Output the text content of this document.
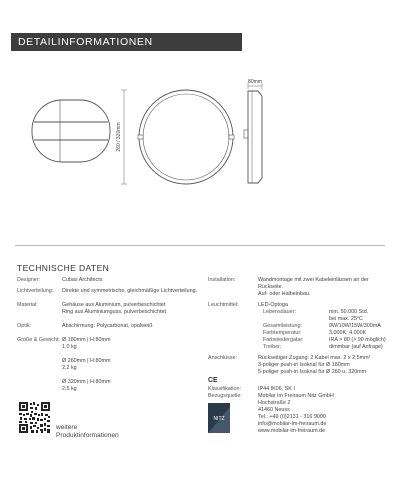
DETAILINFORMATIONEN
260 / 320mm
80mm
TECHNISCHE DATEN
Designer:	Cubas Architects
Lichtverteilung: Direkte und symmetrische, gleichmäßige Lichtverteilung.
Material:	Gehäuse aus Aluminium, pulverbeschichtet
Ring aus Aluminiumguss, pulverbeschichtet
Optik:	Abschirmung: Polycarbonat, opalweiß
Größe & Gewicht: Ø 180mm | H:80mm
1,0 kg
Ø 260mm | H:80mm
2,2 kg
Ø 320mm | H:80mm
2,5 kg
Installation:	Wandmontage mit zwei Kabeleinlässen an der
Rückseite.
Auf- oder Halbeinbau.
Leuchtmittel:	LED-Optoga
Lebensdauer:	min. 50.000 Std.
bei max. 25°C
Gesamtleistung:	9W/10W/15W/300mA
Farbtemperatur:	3.000K, 4.000K
Farbwiedergabe:	IRA > 80 (> 90 möglich)
Treiber:	dimmbar (auf Anfrage)
Anschlüsse:	Rückseitiger Zugang: 2 Kabel max. 2 x 2,5mm²
3-poliger push-in Isoknal für Ø 180mm
5-poliger push-in Isoknal für Ø 260 u. 320mm
CE
Klassifikation:	IP44 IK06, SK I
Bezugsquelle:	Mobilar im Freiraum Nitz GmbH
Hochstraße 2
41460 Neuss
Tel.: +49 (0)2131 - 316 9000
info@mobilar-im-freiraum.de
www.mobilar-im-freiraum.de
NITZ
weitere
Produktinformationen
